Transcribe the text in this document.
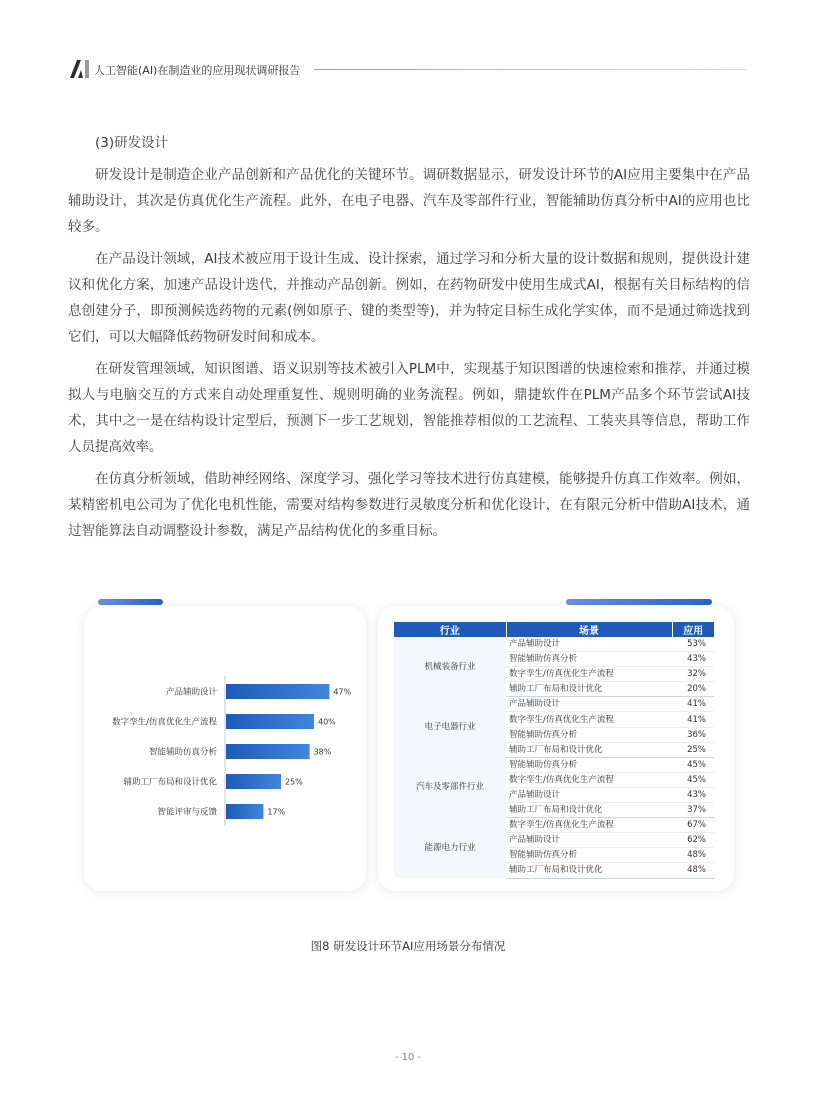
人工智能(AI)在制造业的应用现状调研报告
(3)研发设计

研发设计是制造企业产品创新和产品优化的关键环节。调研数据显示，研发设计环节的AI应用主要集中在产品辅助设计，其次是仿真优化生产流程。此外，在电子电器、汽车及零部件行业，智能辅助仿真分析中AI的应用也比较多。

在产品设计领域，AI技术被应用于设计生成、设计探索，通过学习和分析大量的设计数据和规则，提供设计建议和优化方案，加速产品设计迭代，并推动产品创新。例如，在药物研发中使用生成式AI，根据有关目标结构的信息创建分子，即预测候选药物的元素(例如原子、键的类型等)，并为特定目标生成化学实体，而不是通过筛选找到它们，可以大幅降低药物研发时间和成本。

在研发管理领域，知识图谱、语义识别等技术被引入PLM中，实现基于知识图谱的快速检索和推荐，并通过模拟人与电脑交互的方式来自动处理重复性、规则明确的业务流程。例如，鼎捷软件在PLM产品多个环节尝试AI技术，其中之一是在结构设计定型后，预测下一步工艺规划，智能推荐相似的工艺流程、工装夹具等信息，帮助工作人员提高效率。

在仿真分析领域，借助神经网络、深度学习、强化学习等技术进行仿真建模，能够提升仿真工作效率。例如，某精密机电公司为了优化电机性能，需要对结构参数进行灵敏度分析和优化设计，在有限元分析中借助AI技术，通过智能算法自动调整设计参数，满足产品结构优化的多重目标。

产品辅助设计	47%
数字孪生/仿真优化生产流程	40%
智能辅助仿真分析	38%
辅助工厂布局和设计优化	25%
智能评审与反馈	17%
行业	场景	应用
机械装备行业	产品辅助设计	53%
	智能辅助仿真分析	43%
	数字孪生/仿真优化生产流程	32%
	辅助工厂布局和设计优化	20%
电子电器行业	产品辅助设计	41%
	数字孪生/仿真优化生产流程	41%
	智能辅助仿真分析	36%
	辅助工厂布局和设计优化	25%
汽车及零部件行业	智能辅助仿真分析	45%
	数字孪生/仿真优化生产流程	45%
	产品辅助设计	43%
	辅助工厂布局和设计优化	37%
能源电力行业	数字孪生/仿真优化生产流程	67%
	产品辅助设计	62%
	智能辅助仿真分析	48%
	辅助工厂布局和设计优化	48%
图8 研发设计环节AI应用场景分布情况
- 10 -
